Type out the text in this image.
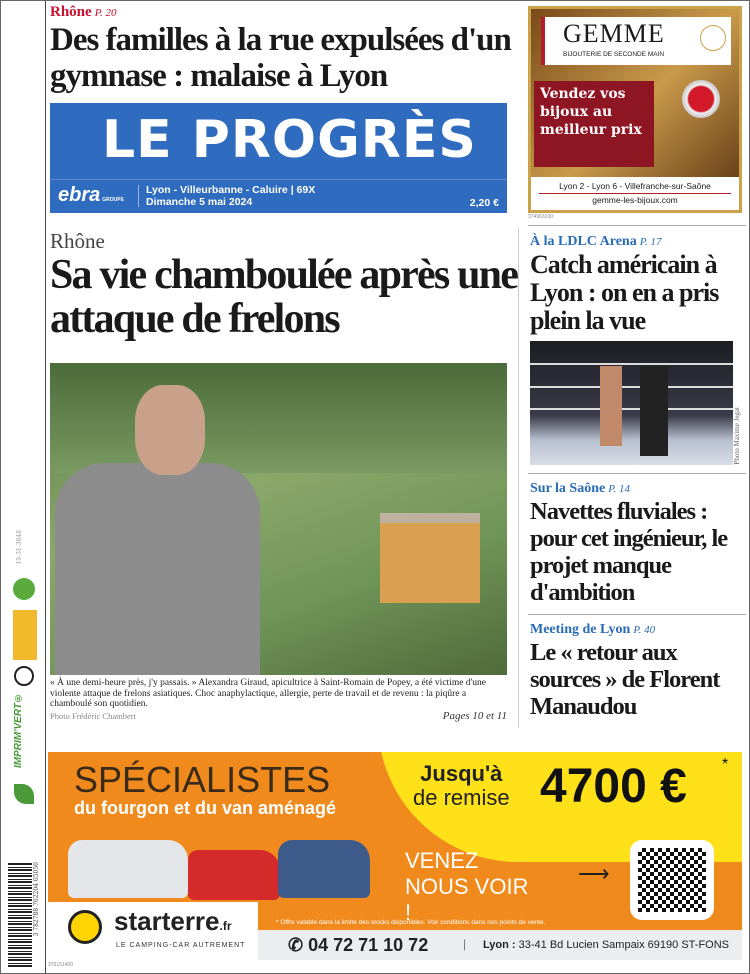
19-31-3848
IMPRIM'VERT®
3 782788 702204 05050
Rhône P. 20
Des familles à la rue expulsées d'un gymnase : malaise à Lyon
LE PROGRÈS
ebra GROUPE
Lyon - Villeurbanne - Caluire | 69X
Dimanche 5 mai 2024	2,20 €
Rhône
Sa vie chamboulée après une attaque de frelons
« À une demi-heure près, j'y passais. » Alexandra Giraud, apicultrice à Saint-Romain de Popey, a été victime d'une violente attaque de frelons asiatiques. Choc anaphylactique, allergie, perte de travail et de revenu : la piqûre a chamboulé son quotidien.
Photo Frédéric Chambert	Pages 10 et 11
GEMME
BIJOUTERIE DE SECONDE MAIN
Vendez vos bijoux au meilleur prix
Lyon 2 - Lyon 6 - Villefranche-sur-Saône
gemme-les-bijoux.com
374963100
À la LDLC Arena P. 17
Catch américain à Lyon : on en a pris plein la vue
Photo Maxime Jegat
Sur la Saône P. 14
Navettes fluviales : pour cet ingénieur, le projet manque d'ambition
Meeting de Lyon P. 40
Le « retour aux sources » de Florent Manaudou
SPÉCIALISTES
du fourgon et du van aménagé
Jusqu'à
de remise 4700 € *
VENEZ NOUS VOIR !
⟶
starterre.fr
LE CAMPING-CAR AUTREMENT
* Offre valable dans la limite des stocks disponibles. Voir conditions dans nos points de vente.
✆ 04 72 71 10 72	| Lyon : 33-41 Bd Lucien Sampaix 69190 ST-FONS
376151400
